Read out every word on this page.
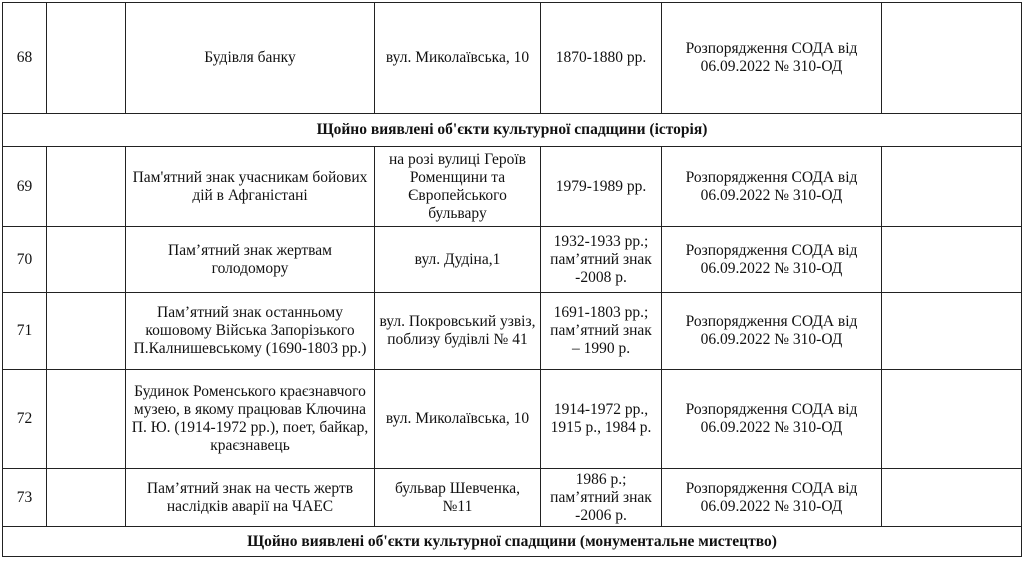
68		Будівля банку	вул. Миколаївська, 10	1870-1880 рр.	Розпорядження СОДА від 06.09.2022 № 310-ОД	
Щойно виявлені об'єкти культурної спадщини (історія)						
69		Пам'ятний знак учасникам бойових дій в Афганістані	на розі вулиці Героїв Роменщини та Європейського бульвару	1979-1989 рр.	Розпорядження СОДА від 06.09.2022 № 310-ОД	
70		Пам’ятний знак жертвам голодомору	вул. Дудіна,1	1932-1933 рр.; пам’ятний знак -2008 р.	Розпорядження СОДА від 06.09.2022 № 310-ОД	
71		Пам’ятний знак останньому кошовому Війська Запорізького П.Калнишевському (1690-1803 рр.)	вул. Покровський узвіз, поблизу будівлі № 41	1691-1803 рр.; пам’ятний знак – 1990 р.	Розпорядження СОДА від 06.09.2022 № 310-ОД	
72		Будинок Роменського краєзнавчого музею, в якому працював Ключина П. Ю. (1914-1972 рр.), поет, байкар, краєзнавець	вул. Миколаївська, 10	1914-1972 рр., 1915 р., 1984 р.	Розпорядження СОДА від 06.09.2022 № 310-ОД	
73		Пам’ятний знак на честь жертв наслідків аварії на ЧАЕС	бульвар Шевченка, №11	1986 р.; пам’ятний знак -2006 р.	Розпорядження СОДА від 06.09.2022 № 310-ОД	
Щойно виявлені об'єкти культурної спадщини (монументальне мистецтво)						
